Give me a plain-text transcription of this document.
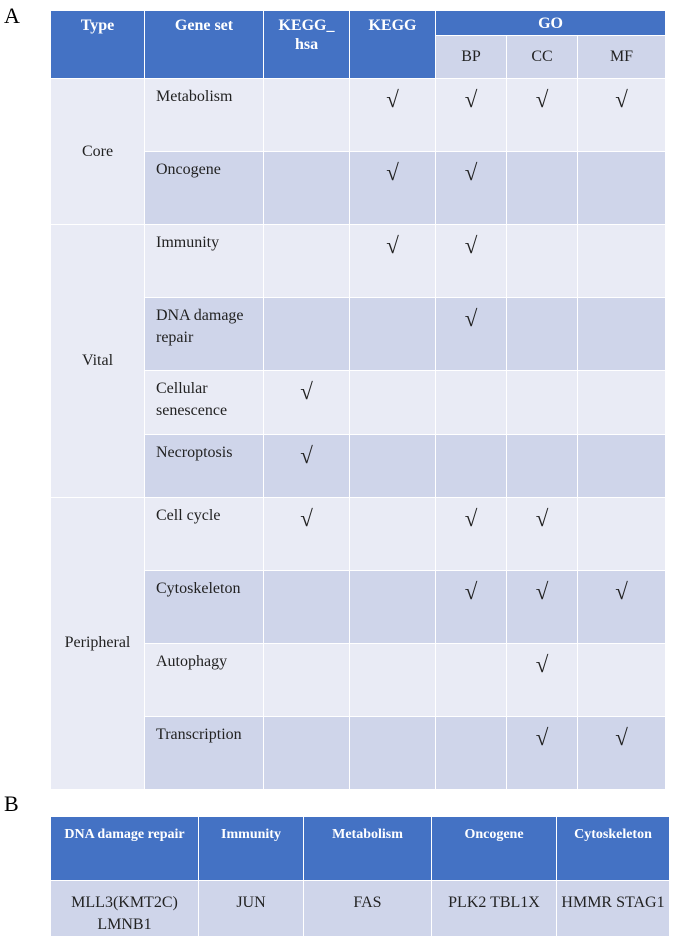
A	Type	Gene set	KEGG_ hsa	KEGG	GO		
				BP	CC	MF
Core	Metabolism		√	√	√	√
	Oncogene		√	√		
Vital	Immunity		√	√		
	DNA damage repair			√		
	Cellular senescence	√				
	Necroptosis	√				
Peripheral	Cell cycle	√		√	√	
	Cytoskeleton			√	√	√
	Autophagy				√	
	Transcription				√	√
B
DNA damage repair	Immunity	Metabolism	Oncogene	Cytoskeleton
MLL3(KMT2C) LMNB1	JUN	FAS	PLK2 TBL1X	HMMR STAG1
